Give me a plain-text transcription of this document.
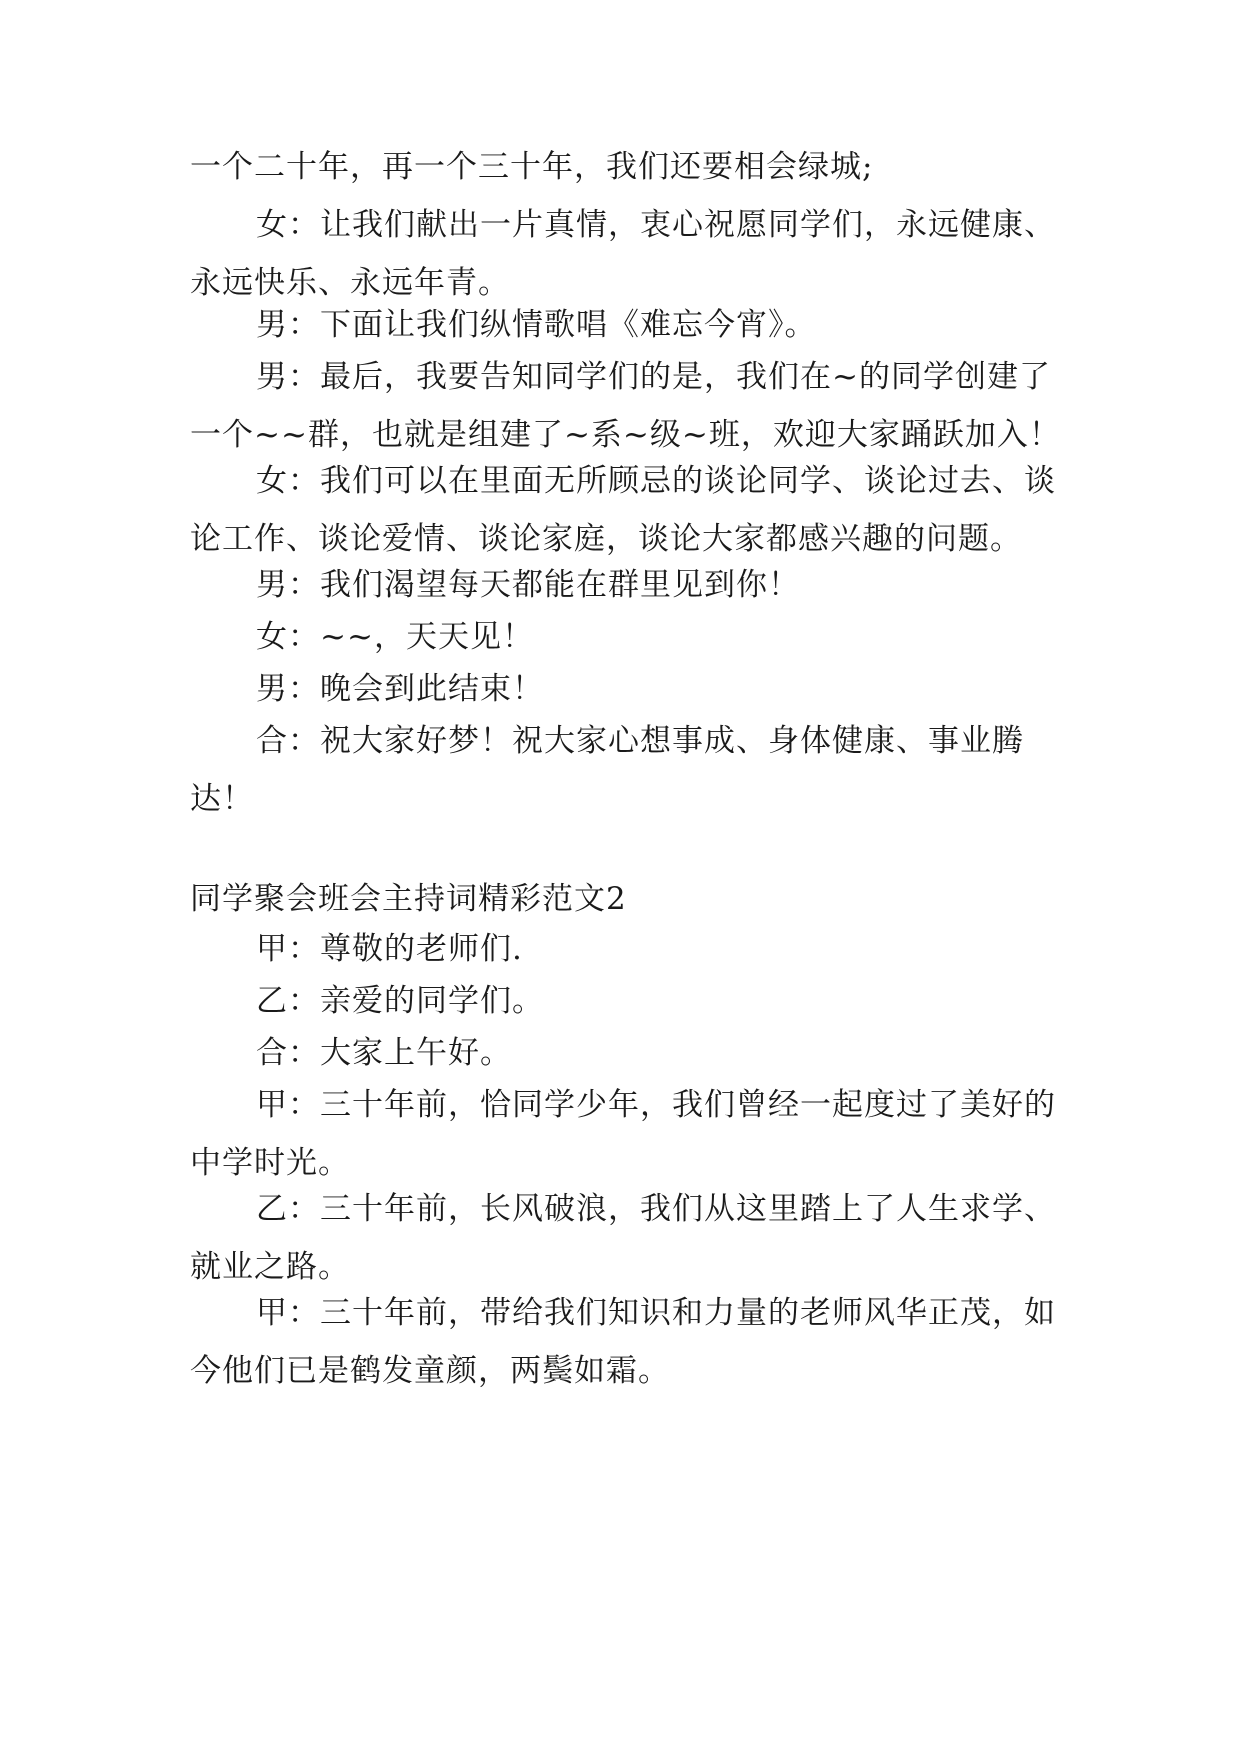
一个二十年，再一个三十年，我们还要相会绿城;

女：让我们献出一片真情，衷心祝愿同学们，永远健康、永远快乐、永远年青。

男：下面让我们纵情歌唱《难忘今宵》。

男：最后，我要告知同学们的是，我们在~的同学创建了一个~~群，也就是组建了~系~级~班，欢迎大家踊跃加入！

女：我们可以在里面无所顾忌的谈论同学、谈论过去、谈论工作、谈论爱情、谈论家庭，谈论大家都感兴趣的问题。

男：我们渴望每天都能在群里见到你！

女：~~，天天见！

男：晚会到此结束！

合：祝大家好梦！祝大家心想事成、身体健康、事业腾达！

同学聚会班会主持词精彩范文2

甲：尊敬的老师们.

乙：亲爱的同学们。

合：大家上午好。

甲：三十年前，恰同学少年，我们曾经一起度过了美好的中学时光。

乙：三十年前，长风破浪，我们从这里踏上了人生求学、就业之路。

甲：三十年前，带给我们知识和力量的老师风华正茂，如今他们已是鹤发童颜，两鬓如霜。
